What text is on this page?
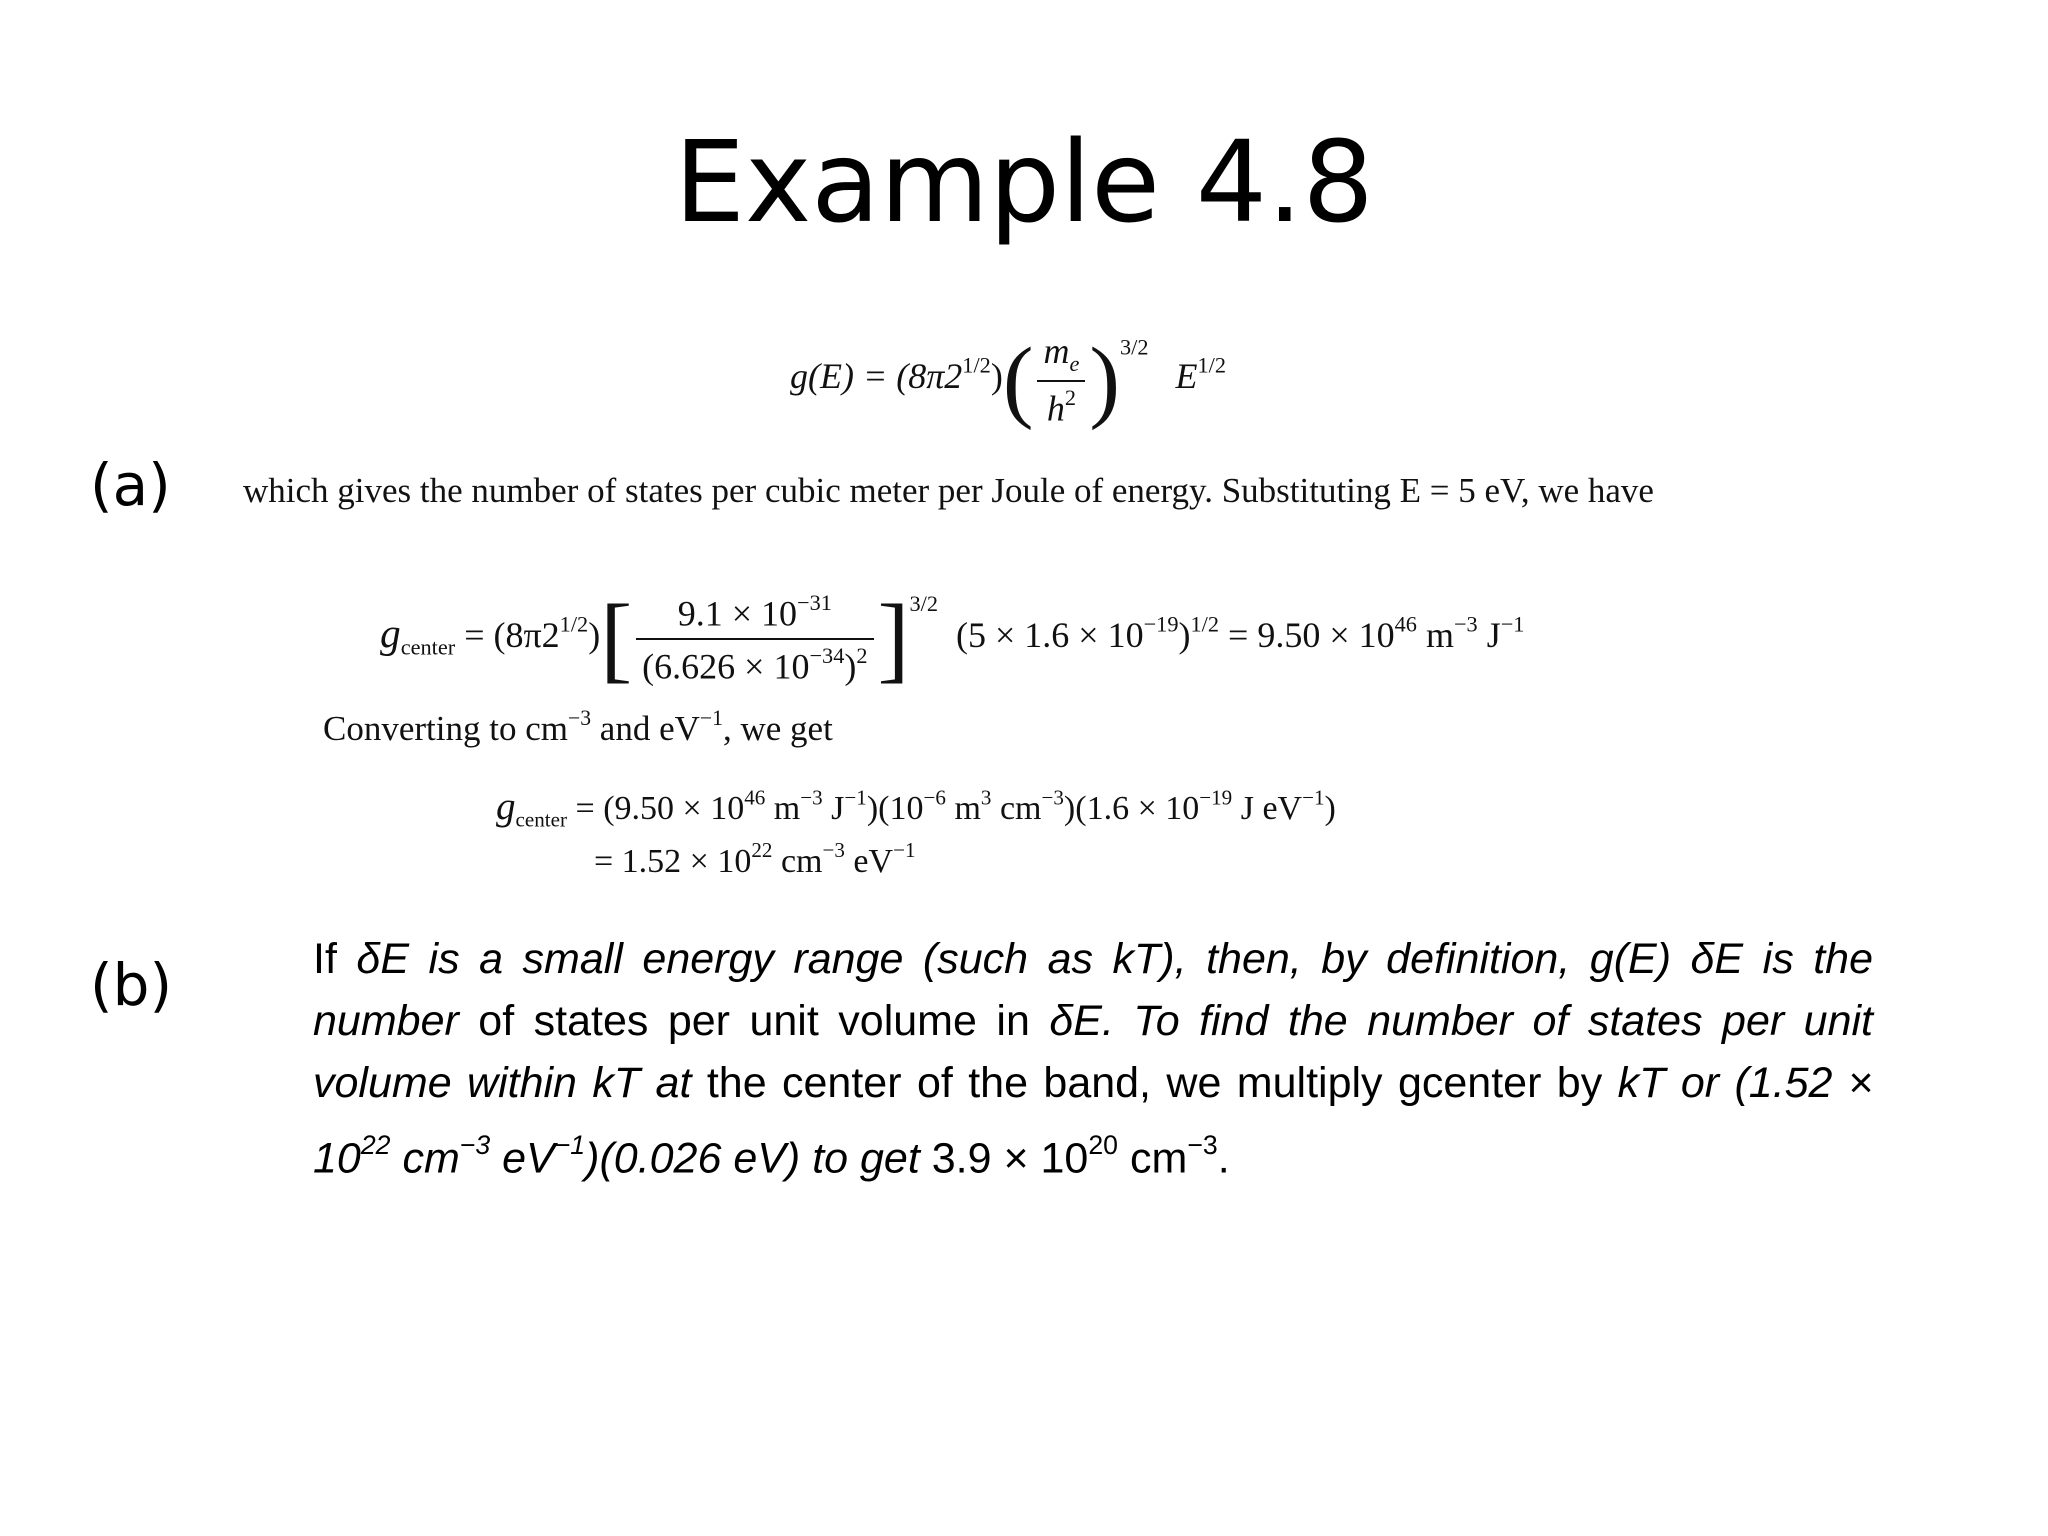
Example 4.8
(a)
(b)
$g(E) = (8\pi 2^{1/2})( \frac{m_e}{h^2} )^{3/2}$   $E^{1/2}$
which gives the number of states per cubic meter per Joule of energy. Substituting E = 5 eV, we have
$g_{center} = (8\pi 2^{1/2})[ \frac{9.1 \times 10^{-31}}{(6.626 \times 10^{-34})^2} ]^{3/2}$  $(5 \times 1.6 \times 10^{-19})^{1/2} = 9.50 \times 10^{46}$ $m^{-3}$ $J^{-1}$
Converting to $cm^{-3}$ and $eV^{-1}$, we get
$g_{center} = (9.50 \times 10^{46}$ $m^{-3}$ $J^{-1})(10^{-6}$ $m^3$ $cm^{-3})(1.6 \times 10^{-19}$ J $eV^{-1}$)
= $1.52 \times 10^{22}$ $cm^{-3}$ $eV^{-1}$
If δE is a small energy range (such as kT), then, by definition, g(E) δE is the number of states per unit volume in δE. To find the number of states per unit volume within kT at the center of the band, we multiply gcenter by kT or ($1.52 \times 10^{22}$ $cm^{-3}$ $eV^{-1})(0.026$ eV) to get $3.9 \times 10^{20}$ $cm^{-3}$.
